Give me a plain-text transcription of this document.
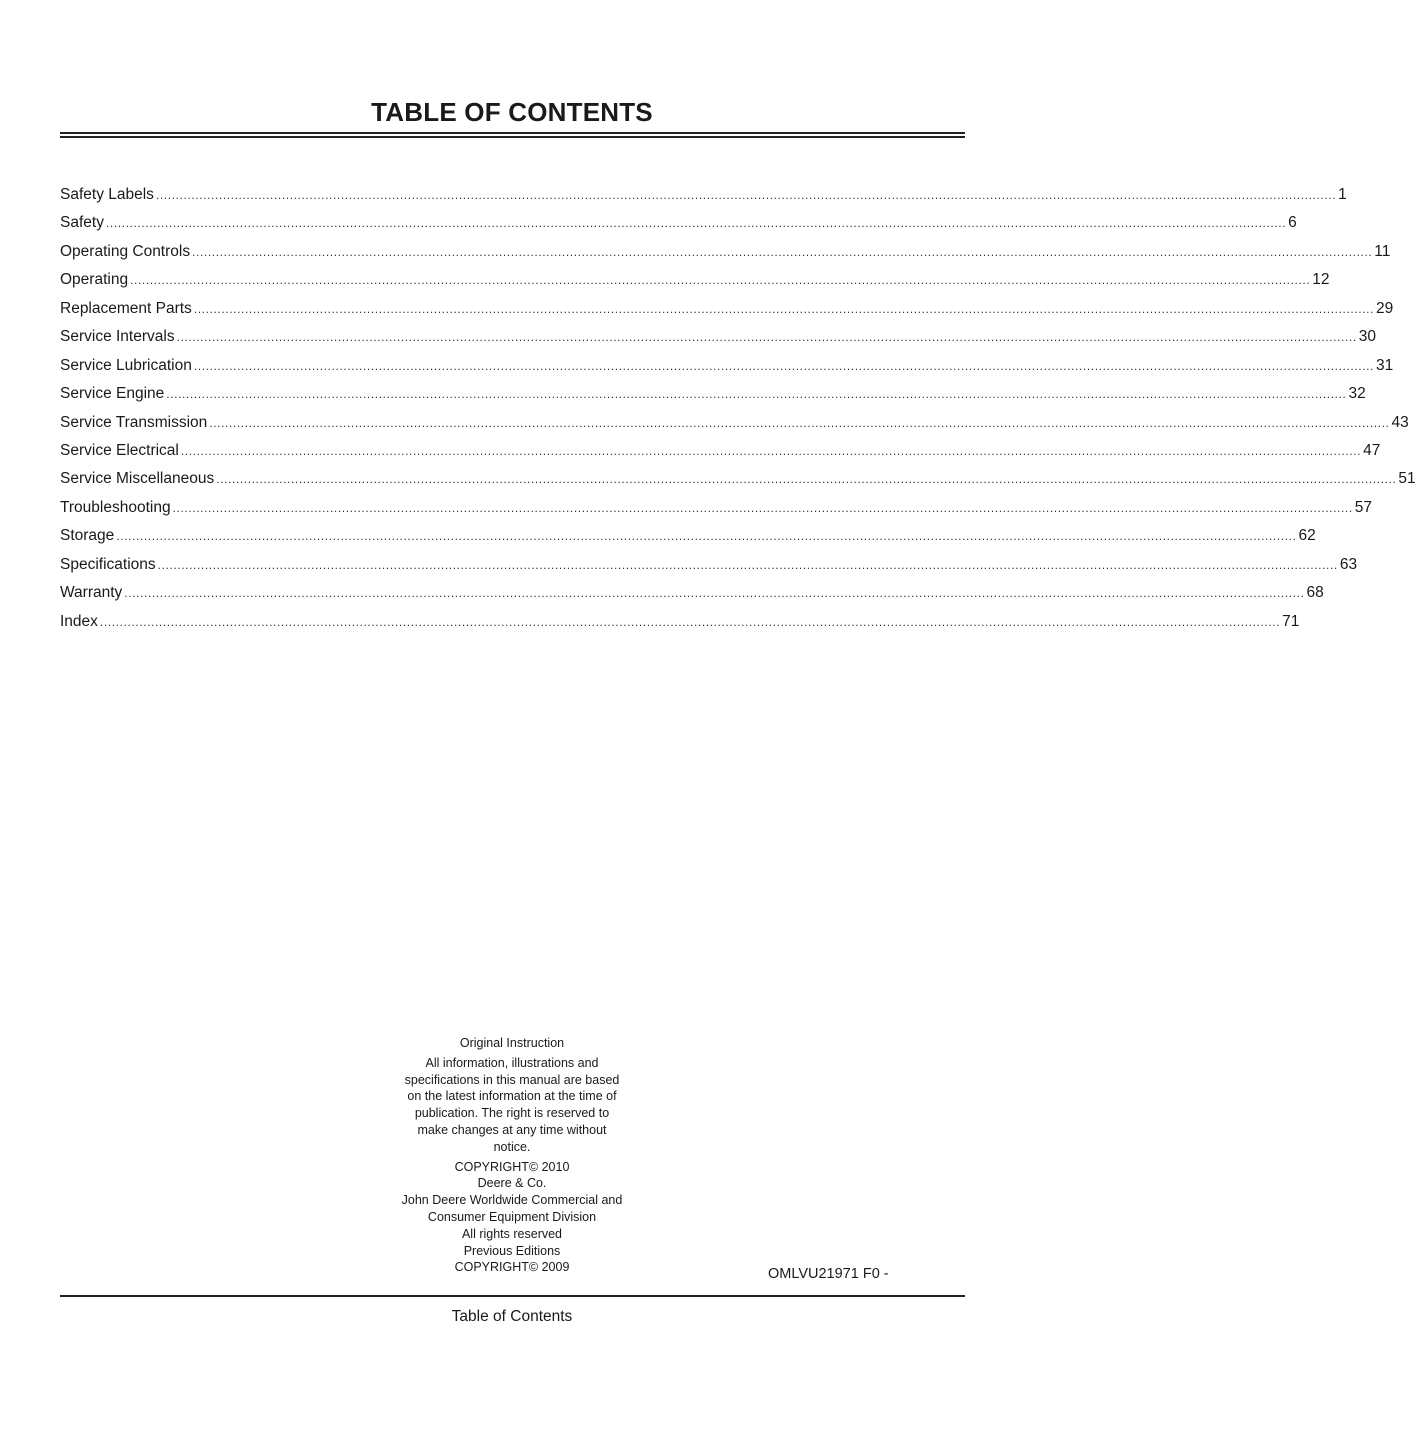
TABLE OF CONTENTS
Safety Labels ............................................................................................................................................................................................................................................................................................................ 1
Safety ............................................................................................................................................................................................................................................................................................................ 6
Operating Controls ............................................................................................................................................................................................................................................................................................................ 11
Operating ............................................................................................................................................................................................................................................................................................................ 12
Replacement Parts ............................................................................................................................................................................................................................................................................................................ 29
Service Intervals ............................................................................................................................................................................................................................................................................................................ 30
Service Lubrication ............................................................................................................................................................................................................................................................................................................ 31
Service Engine ............................................................................................................................................................................................................................................................................................................ 32
Service Transmission ............................................................................................................................................................................................................................................................................................................ 43
Service Electrical ............................................................................................................................................................................................................................................................................................................ 47
Service Miscellaneous ............................................................................................................................................................................................................................................................................................................ 51
Troubleshooting ............................................................................................................................................................................................................................................................................................................ 57
Storage ............................................................................................................................................................................................................................................................................................................ 62
Specifications ............................................................................................................................................................................................................................................................................................................ 63
Warranty ............................................................................................................................................................................................................................................................................................................ 68
Index ............................................................................................................................................................................................................................................................................................................ 71

Original Instruction

All information, illustrations and

specifications in this manual are based

on the latest information at the time of

publication. The right is reserved to

make changes at any time without

notice.

COPYRIGHT© 2010

Deere & Co.

John Deere Worldwide Commercial and

Consumer Equipment Division

All rights reserved

Previous Editions

COPYRIGHT© 2009	OMLVU21971 F0 -
Table of Contents
